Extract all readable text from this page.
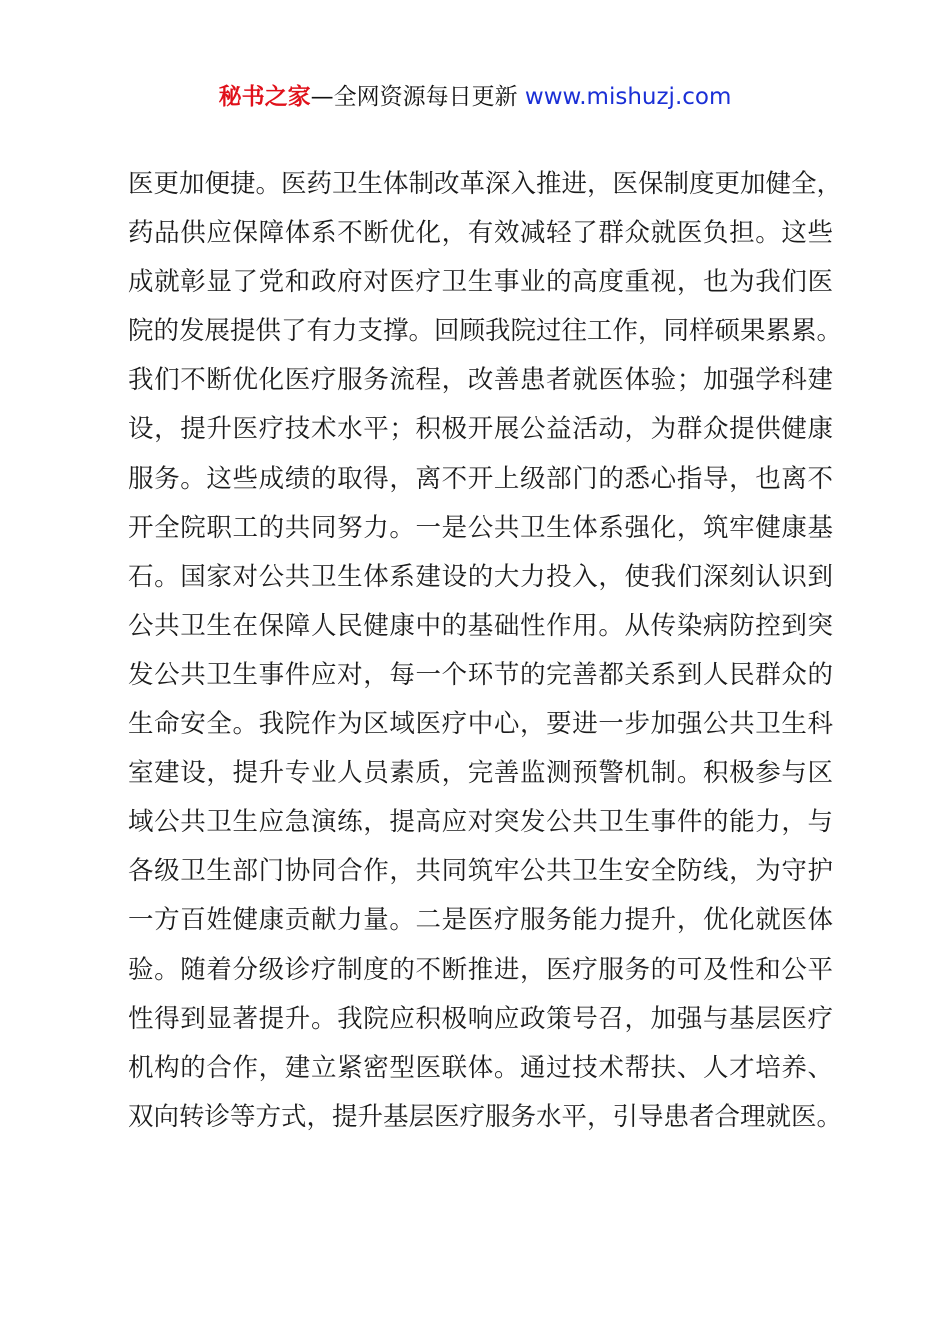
秘书之家—全网资源每日更新 www.mishuzj.com
医更加便捷。医药卫生体制改革深入推进，医保制度更加健全，
药品供应保障体系不断优化，有效减轻了群众就医负担。这些
成就彰显了党和政府对医疗卫生事业的高度重视，也为我们医
院的发展提供了有力支撑。回顾我院过往工作，同样硕果累累。
我们不断优化医疗服务流程，改善患者就医体验；加强学科建
设，提升医疗技术水平；积极开展公益活动，为群众提供健康
服务。这些成绩的取得，离不开上级部门的悉心指导，也离不
开全院职工的共同努力。一是公共卫生体系强化，筑牢健康基
石。国家对公共卫生体系建设的大力投入，使我们深刻认识到
公共卫生在保障人民健康中的基础性作用。从传染病防控到突
发公共卫生事件应对，每一个环节的完善都关系到人民群众的
生命安全。我院作为区域医疗中心，要进一步加强公共卫生科
室建设，提升专业人员素质，完善监测预警机制。积极参与区
域公共卫生应急演练，提高应对突发公共卫生事件的能力，与
各级卫生部门协同合作，共同筑牢公共卫生安全防线，为守护
一方百姓健康贡献力量。二是医疗服务能力提升，优化就医体
验。随着分级诊疗制度的不断推进，医疗服务的可及性和公平
性得到显著提升。我院应积极响应政策号召，加强与基层医疗
机构的合作，建立紧密型医联体。通过技术帮扶、人才培养、
双向转诊等方式，提升基层医疗服务水平，引导患者合理就医。
